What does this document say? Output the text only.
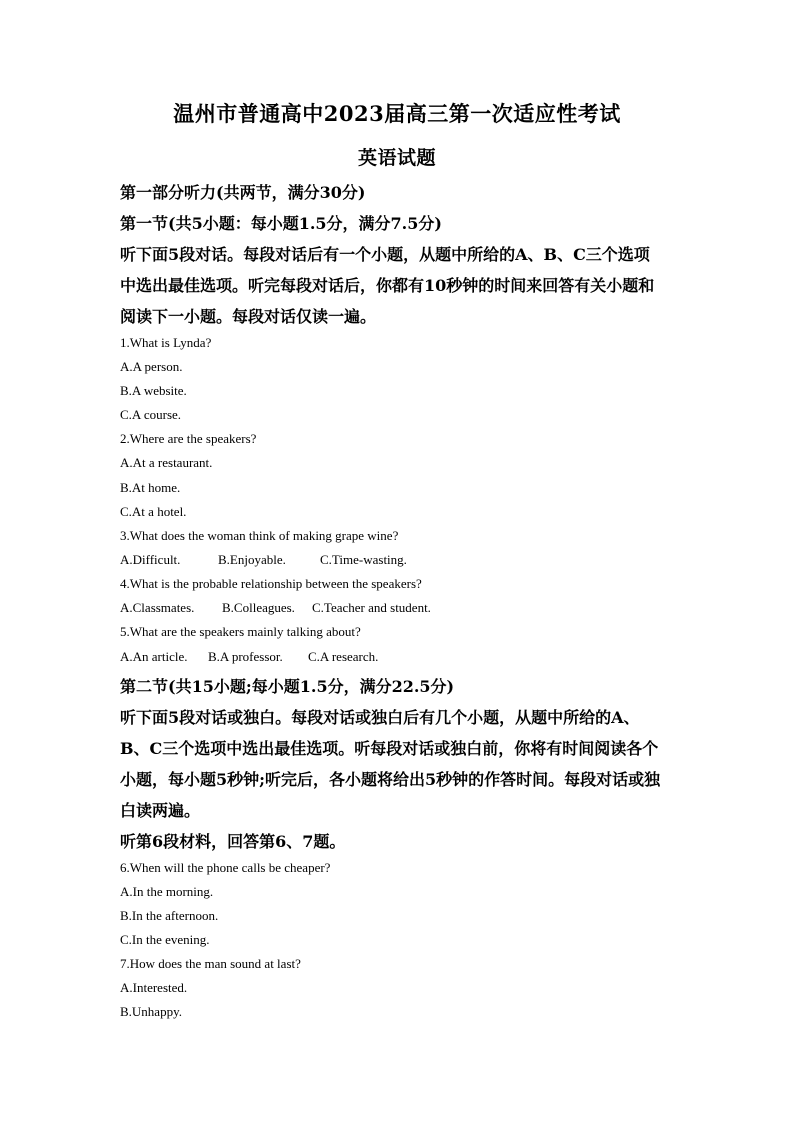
温州市普通高中2023届高三第一次适应性考试
英语试题
第一部分听力(共两节，满分30分)
第一节(共5小题：每小题1.5分，满分7.5分)
听下面5段对话。每段对话后有一个小题，从题中所给的A、B、C三个选项
中选出最佳选项。听完每段对话后，你都有10秒钟的时间来回答有关小题和
阅读下一小题。每段对话仅读一遍。
1.What is Lynda?
A.A person.
B.A website.
C.A course.
2.Where are the speakers?
A.At a restaurant.
B.At home.
C.At a hotel.
3.What does the woman think of making grape wine?
A.Difficult.	B.Enjoyable.	C.Time-wasting.
4.What is the probable relationship between the speakers?
A.Classmates. B.Colleagues. C.Teacher and student.
5.What are the speakers mainly talking about?
A.An article. B.A professor. C.A research.
第二节(共15小题;每小题1.5分，满分22.5分)
听下面5段对话或独白。每段对话或独白后有几个小题，从题中所给的A、
B、C三个选项中选出最佳选项。听每段对话或独白前，你将有时间阅读各个
小题，每小题5秒钟;听完后，各小题将给出5秒钟的作答时间。每段对话或独
白读两遍。
听第6段材料，回答第6、7题。
6.When will the phone calls be cheaper?
A.In the morning.
B.In the afternoon.
C.In the evening.
7.How does the man sound at last?
A.Interested.
B.Unhappy.
